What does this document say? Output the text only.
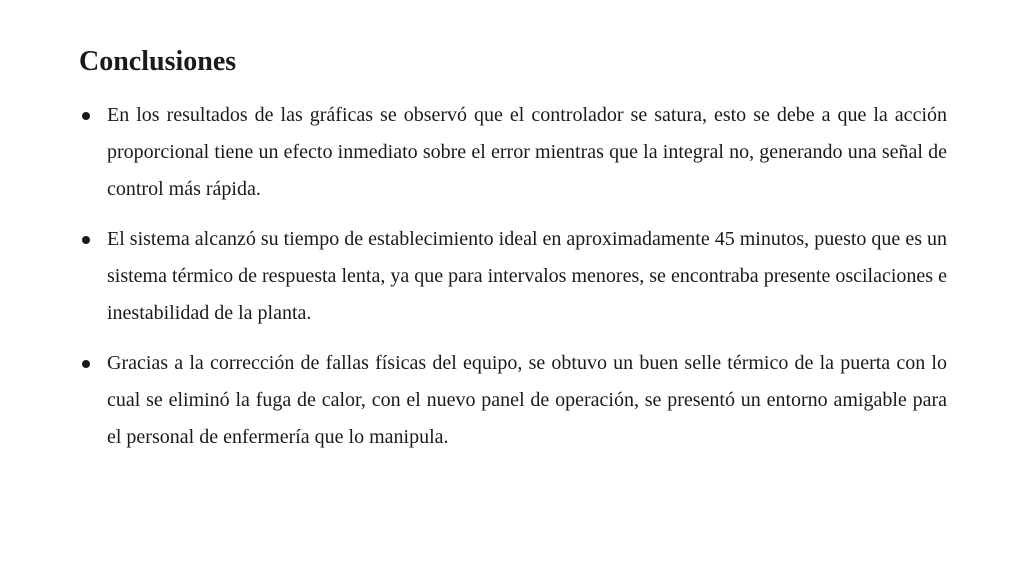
Conclusiones
En los resultados de las gráficas se observó que el controlador se satura, esto se debe a que la acción proporcional tiene un efecto inmediato sobre el error mientras que la integral no, generando una señal de control más rápida.
El sistema alcanzó su tiempo de establecimiento ideal en aproximadamente 45 minutos, puesto que es un sistema térmico de respuesta lenta, ya que para intervalos menores, se encontraba presente oscilaciones e inestabilidad de la planta.
Gracias a la corrección de fallas físicas del equipo, se obtuvo un buen selle térmico de la puerta con lo cual se eliminó la fuga de calor, con el nuevo panel de operación, se presentó un entorno amigable para el personal de enfermería que lo manipula.
